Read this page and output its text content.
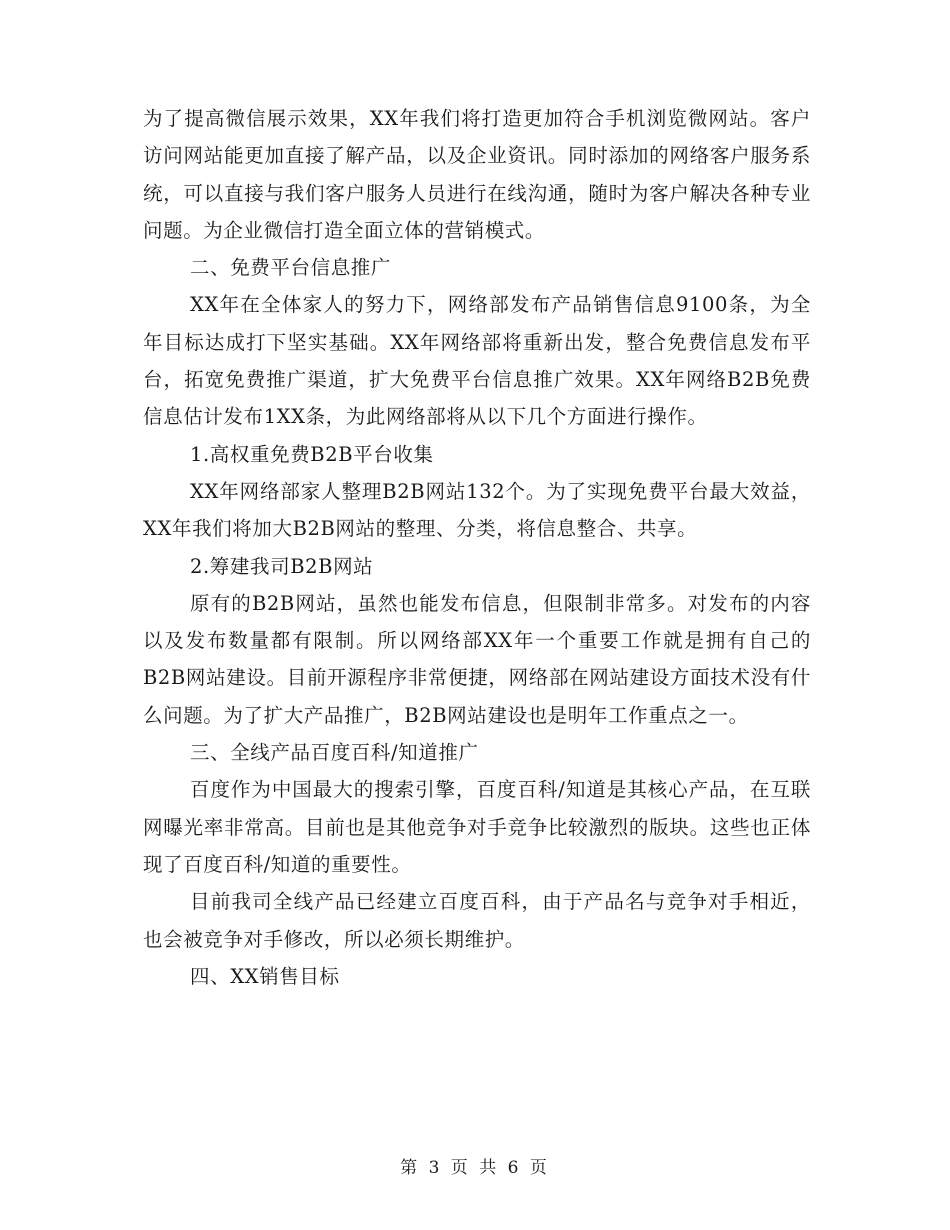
为了提高微信展示效果，XX年我们将打造更加符合手机浏览微网站。客户访问网站能更加直接了解产品，以及企业资讯。同时添加的网络客户服务系统，可以直接与我们客户服务人员进行在线沟通，随时为客户解决各种专业问题。为企业微信打造全面立体的营销模式。

二、免费平台信息推广

XX年在全体家人的努力下，网络部发布产品销售信息9100条，为全年目标达成打下坚实基础。XX年网络部将重新出发，整合免费信息发布平台，拓宽免费推广渠道，扩大免费平台信息推广效果。XX年网络B2B免费信息估计发布1XX条，为此网络部将从以下几个方面进行操作。

1.高权重免费B2B平台收集

XX年网络部家人整理B2B网站132个。为了实现免费平台最大效益，XX年我们将加大B2B网站的整理、分类，将信息整合、共享。

2.筹建我司B2B网站

原有的B2B网站，虽然也能发布信息，但限制非常多。对发布的内容以及发布数量都有限制。所以网络部XX年一个重要工作就是拥有自己的B2B网站建设。目前开源程序非常便捷，网络部在网站建设方面技术没有什么问题。为了扩大产品推广，B2B网站建设也是明年工作重点之一。

三、全线产品百度百科/知道推广

百度作为中国最大的搜索引擎，百度百科/知道是其核心产品，在互联网曝光率非常高。目前也是其他竞争对手竞争比较激烈的版块。这些也正体现了百度百科/知道的重要性。

目前我司全线产品已经建立百度百科，由于产品名与竞争对手相近，也会被竞争对手修改，所以必须长期维护。

四、XX销售目标

第 3 页 共 6 页
